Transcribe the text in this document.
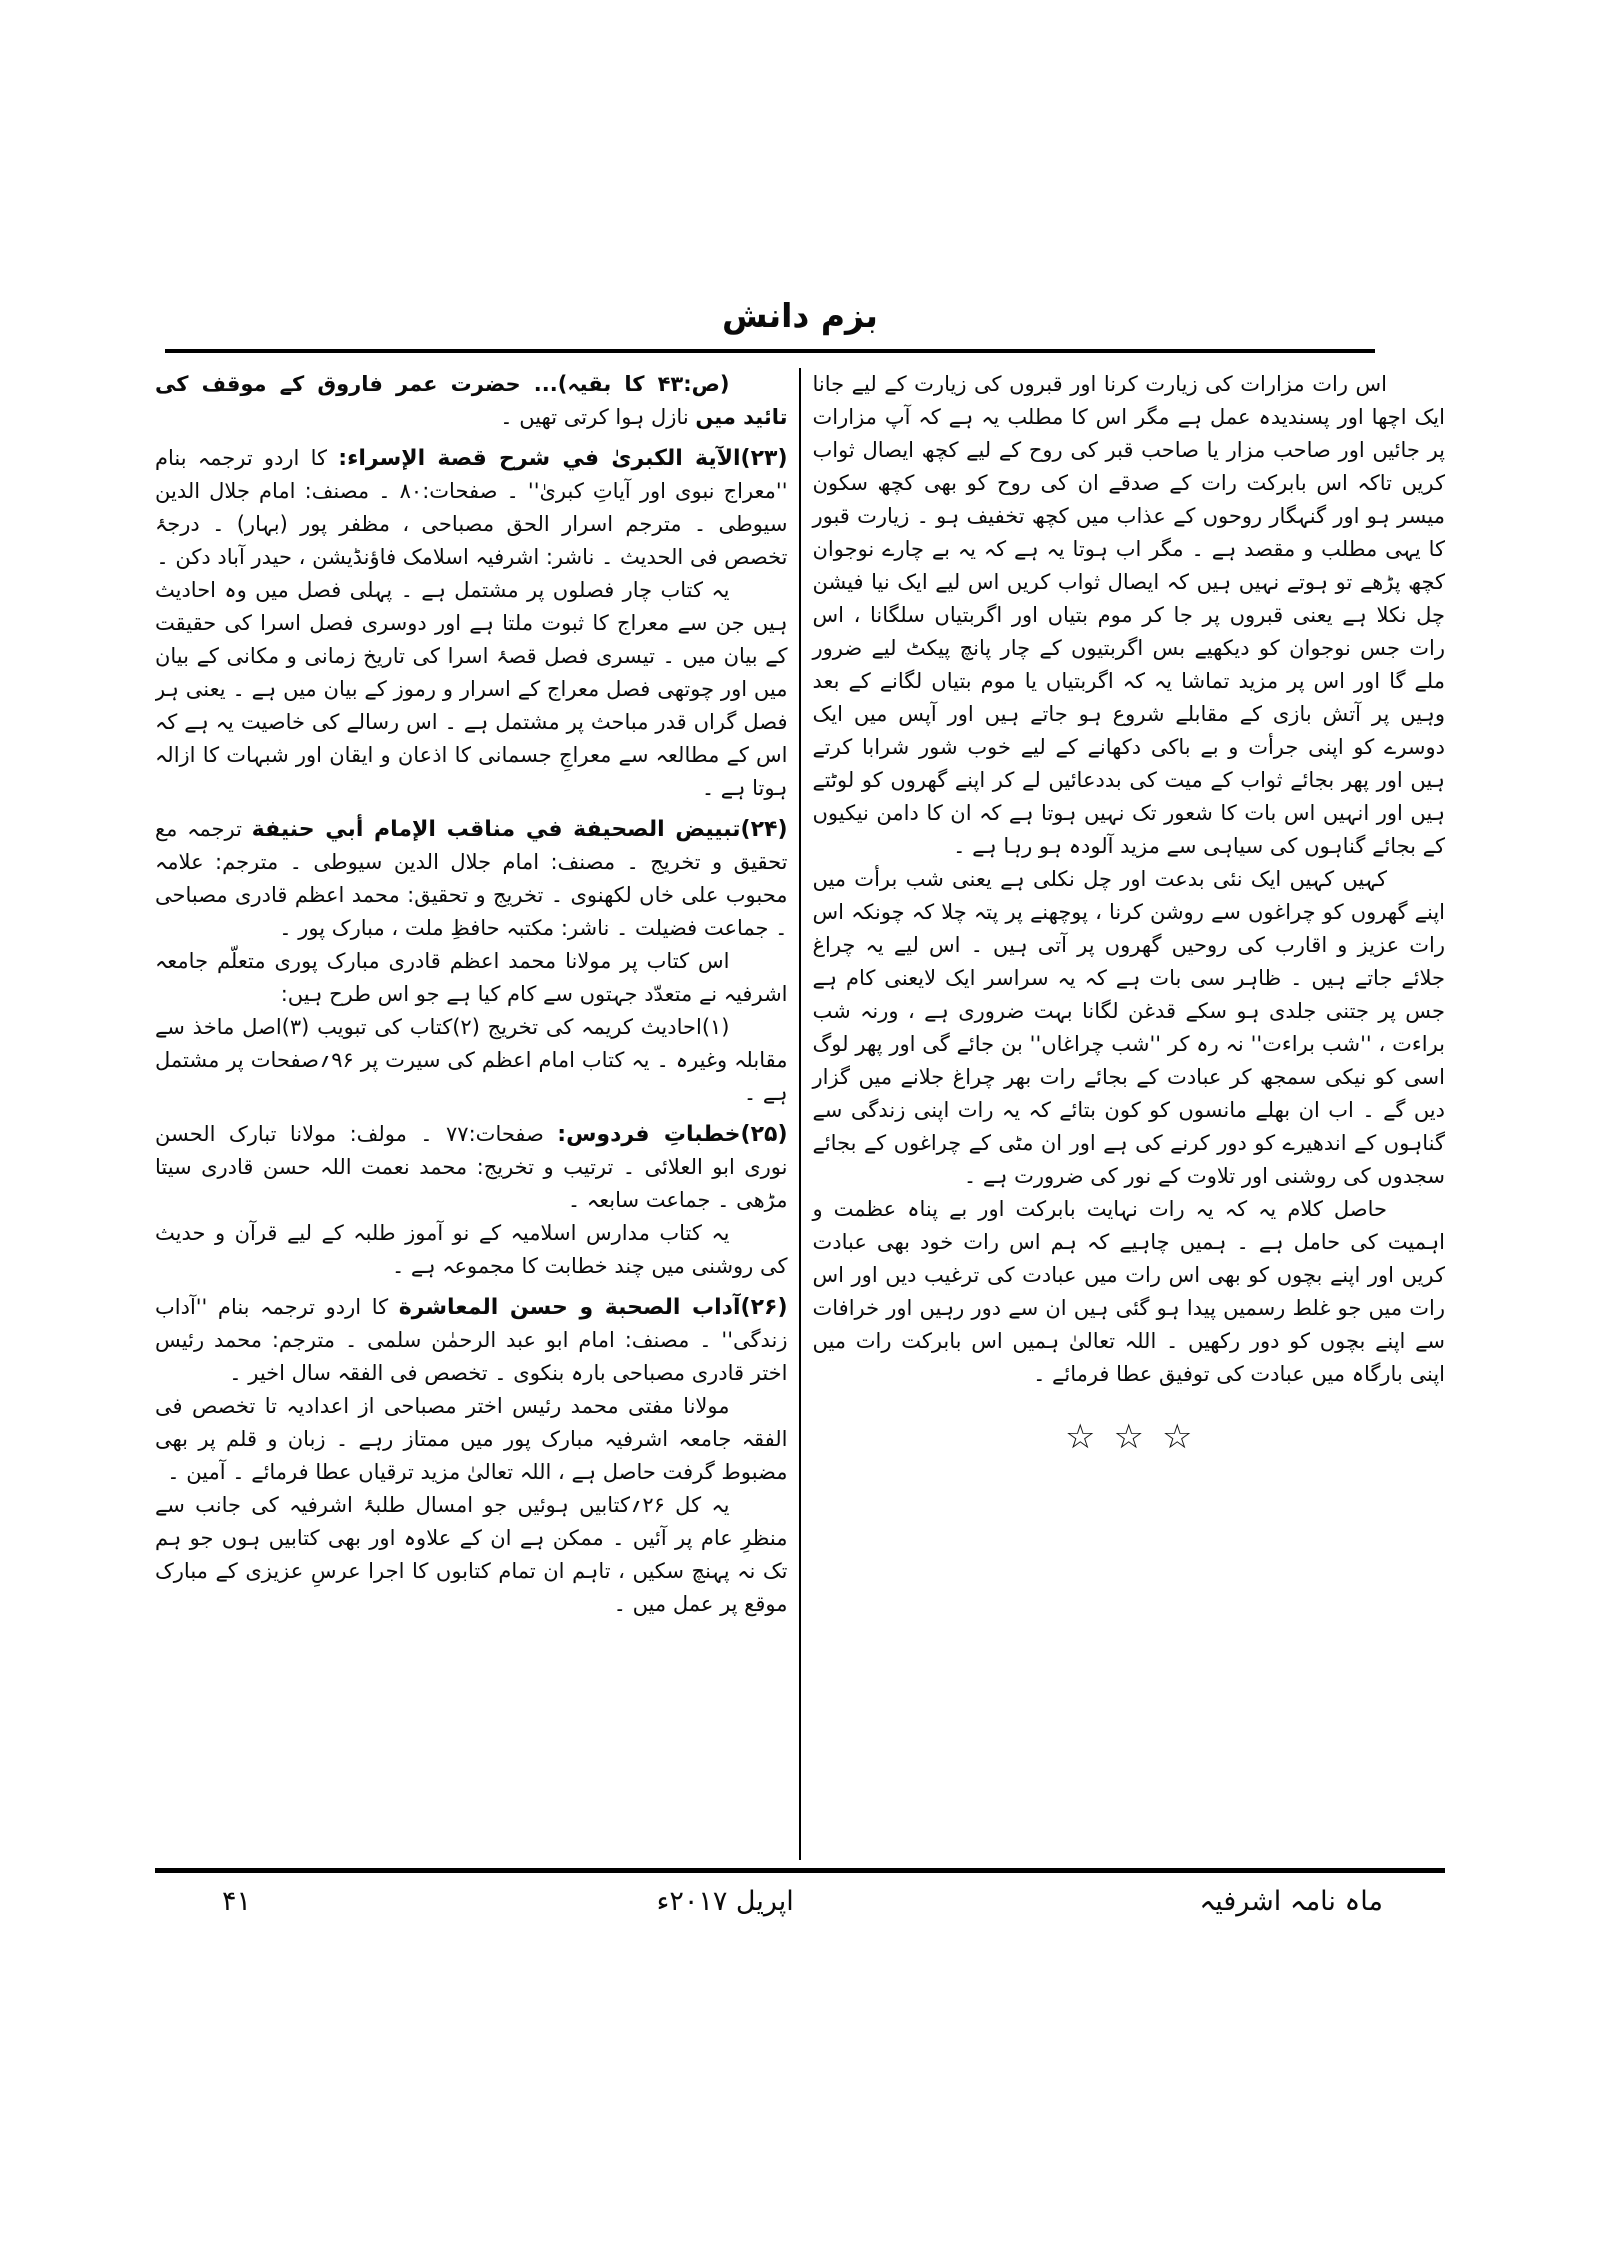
بزم دانش

اس رات مزارات کی زیارت کرنا اور قبروں کی زیارت کے لیے جانا ایک اچھا اور پسندیدہ عمل ہے مگر اس کا مطلب یہ ہے کہ آپ مزارات پر جائیں اور صاحب مزار یا صاحب قبر کی روح کے لیے کچھ ایصال ثواب کریں تاکہ اس بابرکت رات کے صدقے ان کی روح کو بھی کچھ سکون میسر ہو اور گنہگار روحوں کے عذاب میں کچھ تخفیف ہو ۔ زیارت قبور کا یہی مطلب و مقصد ہے ۔ مگر اب ہوتا یہ ہے کہ یہ بے چارے نوجوان کچھ پڑھے تو ہوتے نہیں ہیں کہ ایصال ثواب کریں اس لیے ایک نیا فیشن چل نکلا ہے یعنی قبروں پر جا کر موم بتیاں اور اگربتیاں سلگانا ، اس رات جس نوجوان کو دیکھیے بس اگربتیوں کے چار پانچ پیکٹ لیے ضرور ملے گا اور اس پر مزید تماشا یہ کہ اگربتیاں یا موم بتیاں لگانے کے بعد وہیں پر آتش بازی کے مقابلے شروع ہو جاتے ہیں اور آپس میں ایک دوسرے کو اپنی جرأت و بے باکی دکھانے کے لیے خوب شور شرابا کرتے ہیں اور پھر بجائے ثواب کے میت کی بددعائیں لے کر اپنے گھروں کو لوٹتے ہیں اور انہیں اس بات کا شعور تک نہیں ہوتا ہے کہ ان کا دامن نیکیوں کے بجائے گناہوں کی سیاہی سے مزید آلودہ ہو رہا ہے ۔

کہیں کہیں ایک نئی بدعت اور چل نکلی ہے یعنی شب برأت میں اپنے گھروں کو چراغوں سے روشن کرنا ، پوچھنے پر پتہ چلا کہ چونکہ اس رات عزیز و اقارب کی روحیں گھروں پر آتی ہیں ۔ اس لیے یہ چراغ جلائے جاتے ہیں ۔ ظاہر سی بات ہے کہ یہ سراسر ایک لایعنی کام ہے جس پر جتنی جلدی ہو سکے قدغن لگانا بہت ضروری ہے ، ورنہ شب براءت ، ''شب براءت'' نہ رہ کر ''شب چراغاں'' بن جائے گی اور پھر لوگ اسی کو نیکی سمجھ کر عبادت کے بجائے رات بھر چراغ جلانے میں گزار دیں گے ۔ اب ان بھلے مانسوں کو کون بتائے کہ یہ رات اپنی زندگی سے گناہوں کے اندھیرے کو دور کرنے کی ہے اور ان مٹی کے چراغوں کے بجائے سجدوں کی روشنی اور تلاوت کے نور کی ضرورت ہے ۔

حاصل کلام یہ کہ یہ رات نہایت بابرکت اور بے پناہ عظمت و اہمیت کی حامل ہے ۔ ہمیں چاہیے کہ ہم اس رات خود بھی عبادت کریں اور اپنے بچوں کو بھی اس رات میں عبادت کی ترغیب دیں اور اس رات میں جو غلط رسمیں پیدا ہو گئی ہیں ان سے دور رہیں اور خرافات سے اپنے بچوں کو دور رکھیں ۔ اللہ تعالیٰ ہمیں اس بابرکت رات میں اپنی بارگاہ میں عبادت کی توفیق عطا فرمائے ۔

☆☆☆

(ص:۴۳ کا بقیہ)... حضرت عمر فاروق کے موقف کی تائید میں نازل ہوا کرتی تھیں ۔

(۲۳)الآية الكبرىٰ في شرح قصة الإسراء: کا اردو ترجمہ بنام ''معراج نبوی اور آیاتِ کبریٰ'' ۔ صفحات:۸۰ ۔ مصنف: امام جلال الدین سیوطی ۔ مترجم اسرار الحق مصباحی ، مظفر پور (بہار) ۔ درجۂ تخصص فی الحدیث ۔ ناشر: اشرفیہ اسلامک فاؤنڈیشن ، حیدر آباد دکن ۔

یہ کتاب چار فصلوں پر مشتمل ہے ۔ پہلی فصل میں وہ احادیث ہیں جن سے معراج کا ثبوت ملتا ہے اور دوسری فصل اسرا کی حقیقت کے بیان میں ۔ تیسری فصل قصۂ اسرا کی تاریخ زمانی و مکانی کے بیان میں اور چوتھی فصل معراج کے اسرار و رموز کے بیان میں ہے ۔ یعنی ہر فصل گراں قدر مباحث پر مشتمل ہے ۔ اس رسالے کی خاصیت یہ ہے کہ اس کے مطالعہ سے معراجِ جسمانی کا اذعان و ایقان اور شبہات کا ازالہ ہوتا ہے ۔

(۲۴)تبييض الصحيفة في مناقب الإمام أبي حنيفة ترجمہ مع تحقیق و تخریج ۔ مصنف: امام جلال الدین سیوطی ۔ مترجم: علامہ محبوب علی خاں لکھنوی ۔ تخریج و تحقیق: محمد اعظم قادری مصباحی ۔ جماعت فضیلت ۔ ناشر: مکتبہ حافظِ ملت ، مبارک پور ۔

اس کتاب پر مولانا محمد اعظم قادری مبارک پوری متعلّم جامعہ اشرفیہ نے متعدّد جہتوں سے کام کیا ہے جو اس طرح ہیں:

(۱)احادیث کریمہ کی تخریج (۲)کتاب کی تبویب (۳)اصل ماخذ سے مقابلہ وغیرہ ۔ یہ کتاب امام اعظم کی سیرت پر ۹۶؍صفحات پر مشتمل ہے ۔

(۲۵)خطباتِ فردوس: صفحات:۷۷ ۔ مولف: مولانا تبارک الحسن نوری ابو العلائی ۔ ترتیب و تخریج: محمد نعمت اللہ حسن قادری سیتا مڑھی ۔ جماعت سابعہ ۔

یہ کتاب مدارس اسلامیہ کے نو آموز طلبہ کے لیے قرآن و حدیث کی روشنی میں چند خطابت کا مجموعہ ہے ۔

(۲۶)آداب الصحبة و حسن المعاشرة کا اردو ترجمہ بنام ''آداب زندگی'' ۔ مصنف: امام ابو عبد الرحمٰن سلمی ۔ مترجم: محمد رئیس اختر قادری مصباحی بارہ بنکوی ۔ تخصص فی الفقہ سال اخیر ۔

مولانا مفتی محمد رئیس اختر مصباحی از اعدادیہ تا تخصص فی الفقہ جامعہ اشرفیہ مبارک پور میں ممتاز رہے ۔ زبان و قلم پر بھی مضبوط گرفت حاصل ہے ، اللہ تعالیٰ مزید ترقیاں عطا فرمائے ۔ آمین ۔

یہ کل ۲۶؍کتابیں ہوئیں جو امسال طلبۂ اشرفیہ کی جانب سے منظرِ عام پر آئیں ۔ ممکن ہے ان کے علاوہ اور بھی کتابیں ہوں جو ہم تک نہ پہنچ سکیں ، تاہم ان تمام کتابوں کا اجرا عرسِ عزیزی کے مبارک موقع پر عمل میں ۔

ماہ نامہ اشرفیہ
اپریل ۲۰۱۷ء
۴۱
